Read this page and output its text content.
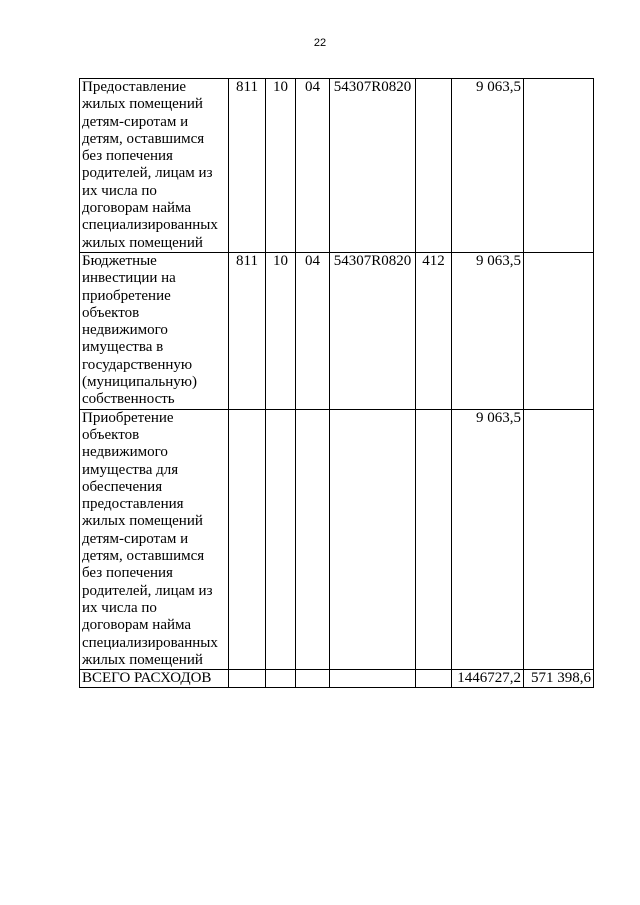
22
Предоставление жилых помещений детям-сиротам и детям, оставшимся без попечения родителей, лицам из их числа по договорам найма специализированных жилых помещений	811	10	04	54307R0820		9 063,5	
Бюджетные инвестиции на приобретение объектов недвижимого имущества в государственную (муниципальную) собственность	811	10	04	54307R0820	412	9 063,5	
Приобретение объектов недвижимого имущества для обеспечения предоставления жилых помещений детям-сиротам и детям, оставшимся без попечения родителей, лицам из их числа по договорам найма специализированных жилых помещений						9 063,5	
ВСЕГО РАСХОДОВ						1446727,2	571 398,6
